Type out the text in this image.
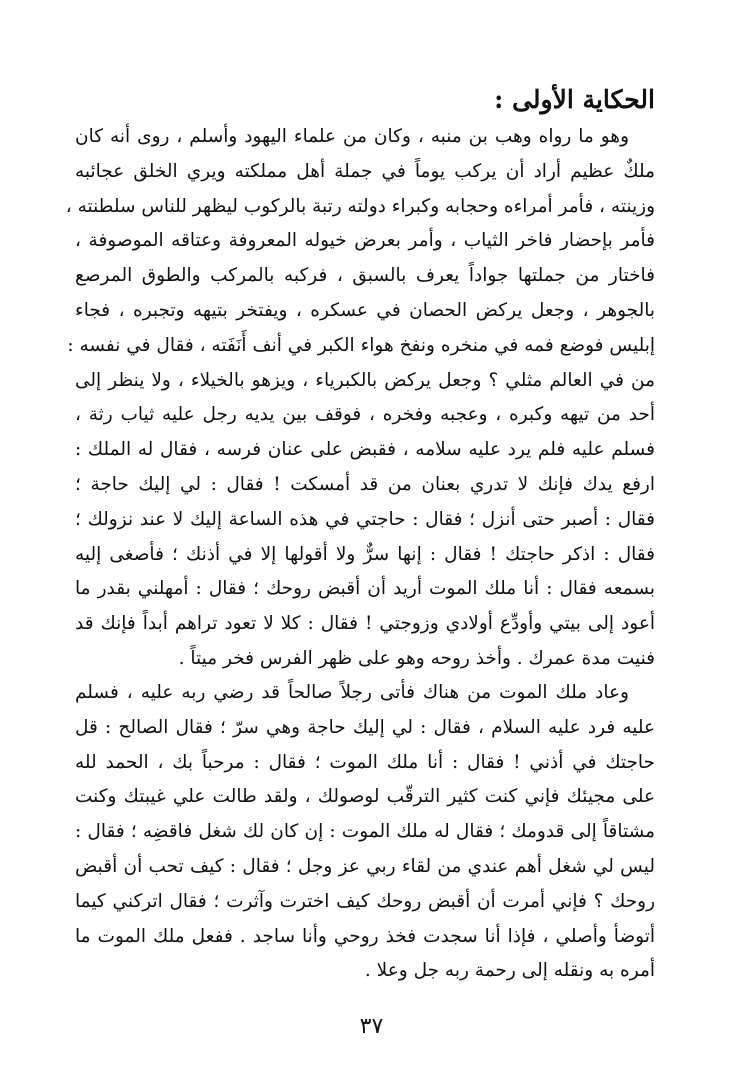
الحكاية الأولى :
وهو ما رواه وهب بن منبه ، وكان من علماء اليهود وأسلم ، روى أنه كان
ملكٌ عظيم أراد أن يركب يوماً في جملة أهل مملكته ويري الخلق عجائبه
وزينته ، فأمر أمراءه وحجابه وكبراء دولته رتبة بالركوب ليظهر للناس سلطنته ،
فأمر بإحضار فاخر الثياب ، وأمر بعرض خيوله المعروفة وعتاقه الموصوفة ،
فاختار من جملتها جواداً يعرف بالسبق ، فركبه بالمركب والطوق المرصع
بالجوهر ، وجعل يركض الحصان في عسكره ، ويفتخر بتيهه وتجبره ، فجاء
إبليس فوضع فمه في منخره ونفخ هواء الكبر في أنف أَنَفَته ، فقال في نفسه :
من في العالم مثلي ؟ وجعل يركض بالكبرياء ، ويزهو بالخيلاء ، ولا ينظر إلى
أحد من تيهه وكبره ، وعجبه وفخره ، فوقف بين يديه رجل عليه ثياب رثة ،
فسلم عليه فلم يرد عليه سلامه ، فقبض على عنان فرسه ، فقال له الملك :
ارفع يدك فإنك لا تدري بعنان من قد أمسكت ! فقال : لي إليك حاجة ؛
فقال : أصبر حتى أنزل ؛ فقال : حاجتي في هذه الساعة إليك لا عند نزولك ؛
فقال : اذكر حاجتك ! فقال : إنها سرٌّ ولا أقولها إلا في أذنك ؛ فأصغى إليه
بسمعه فقال : أنا ملك الموت أريد أن أقبض روحك ؛ فقال : أمهلني بقدر ما
أعود إلى بيتي وأودِّع أولادي وزوجتي ! فقال : كلا لا تعود تراهم أبداً فإنك قد
فنيت مدة عمرك . وأخذ روحه وهو على ظهر الفرس فخر ميتاً .
وعاد ملك الموت من هناك فأتى رجلاً صالحاً قد رضي ربه عليه ، فسلم
عليه فرد عليه السلام ، فقال : لي إليك حاجة وهي سرّ ؛ فقال الصالح : قل
حاجتك في أذني ! فقال : أنا ملك الموت ؛ فقال : مرحباً بك ، الحمد لله
على مجيئك فإني كنت كثير الترقّب لوصولك ، ولقد طالت علي غيبتك وكنت
مشتاقاً إلى قدومك ؛ فقال له ملك الموت : إن كان لك شغل فاقضِه ؛ فقال :
ليس لي شغل أهم عندي من لقاء ربي عز وجل ؛ فقال : كيف تحب أن أقبض
روحك ؟ فإني أمرت أن أقبض روحك كيف اخترت وآثرت ؛ فقال اتركني كيما
أتوضأ وأصلي ، فإذا أنا سجدت فخذ روحي وأنا ساجد . ففعل ملك الموت ما
أمره به ونقله إلى رحمة ربه جل وعلا .
٣٧
